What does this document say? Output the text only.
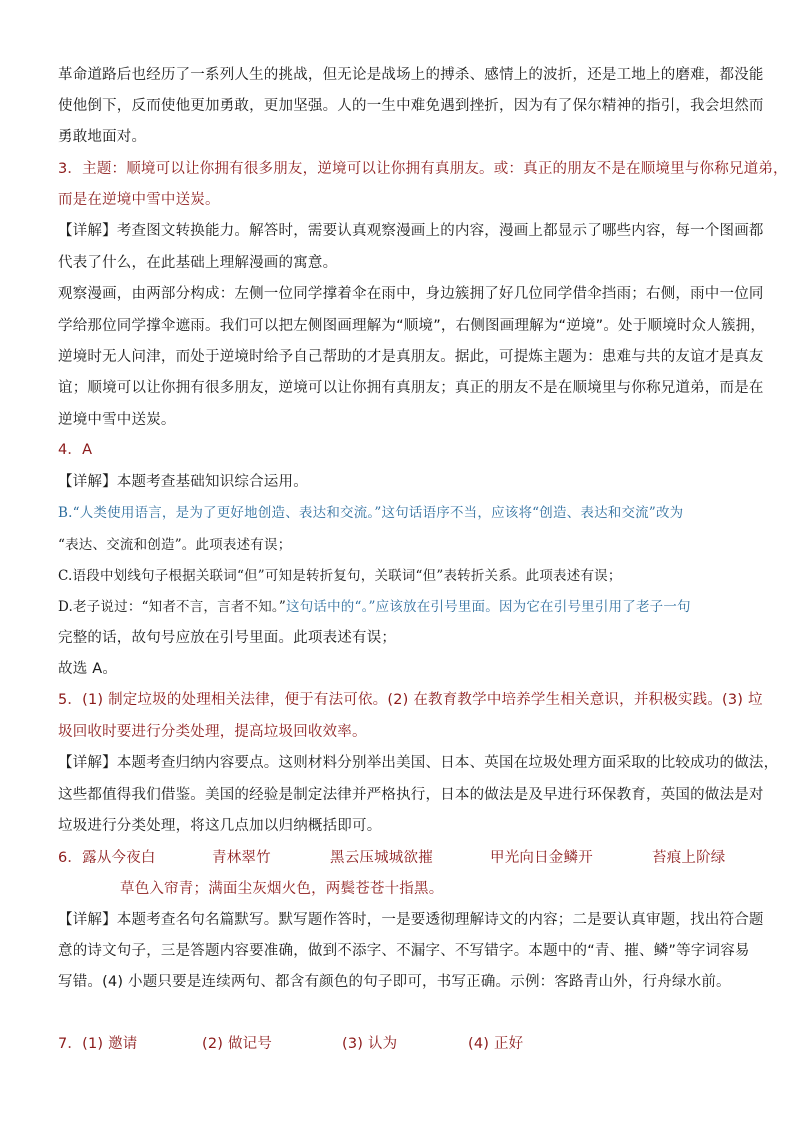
革命道路后也经历了一系列人生的挑战，但无论是战场上的搏杀、感情上的波折，还是工地上的磨难，都没能
使他倒下，反而使他更加勇敢，更加坚强。人的一生中难免遇到挫折，因为有了保尔精神的指引，我会坦然而
勇敢地面对。
3．主题：顺境可以让你拥有很多朋友，逆境可以让你拥有真朋友。或：真正的朋友不是在顺境里与你称兄道弟，
而是在逆境中雪中送炭。
【详解】考查图文转换能力。解答时，需要认真观察漫画上的内容，漫画上都显示了哪些内容，每一个图画都
代表了什么，在此基础上理解漫画的寓意。
观察漫画，由两部分构成：左侧一位同学撑着伞在雨中，身边簇拥了好几位同学借伞挡雨；右侧，雨中一位同
学给那位同学撑伞遮雨。我们可以把左侧图画理解为“顺境”，右侧图画理解为“逆境”。处于顺境时众人簇拥，
逆境时无人问津，而处于逆境时给予自己帮助的才是真朋友。据此，可提炼主题为：患难与共的友谊才是真友
谊；顺境可以让你拥有很多朋友，逆境可以让你拥有真朋友；真正的朋友不是在顺境里与你称兄道弟，而是在
逆境中雪中送炭。
4．A
【详解】本题考查基础知识综合运用。
B.“人类使用语言，是为了更好地创造、表达和交流。”这句话语序不当，应该将“创造、表达和交流”改为
“表达、交流和创造”。此项表述有误；
C.语段中划线句子根据关联词“但”可知是转折复句，关联词“但”表转折关系。此项表述有误；
D.老子说过：“知者不言，言者不知。”这句话中的“。”应该放在引号里面。因为它在引号里引用了老子一句
完整的话，故句号应放在引号里面。此项表述有误；
故选 A。
5．(1) 制定垃圾的处理相关法律，便于有法可依。(2) 在教育教学中培养学生相关意识，并积极实践。(3) 垃
圾回收时要进行分类处理，提高垃圾回收效率。
【详解】本题考查归纳内容要点。这则材料分别举出美国、日本、英国在垃圾处理方面采取的比较成功的做法，
这些都值得我们借鉴。美国的经验是制定法律并严格执行，日本的做法是及早进行环保教育，英国的做法是对
垃圾进行分类处理，将这几点加以归纳概括即可。
6．露从今夜白	青林翠竹	黑云压城城欲摧	甲光向日金鳞开	苔痕上阶绿
草色入帘青；满面尘灰烟火色，两鬓苍苍十指黑。
【详解】本题考查名句名篇默写。默写题作答时，一是要透彻理解诗文的内容；二是要认真审题，找出符合题
意的诗文句子，三是答题内容要准确，做到不添字、不漏字、不写错字。本题中的“青、摧、鳞”等字词容易
写错。(4) 小题只要是连续两句、都含有颜色的句子即可，书写正确。示例：客路青山外，行舟绿水前。
7．(1) 邀请	(2) 做记号	(3) 认为	(4) 正好
